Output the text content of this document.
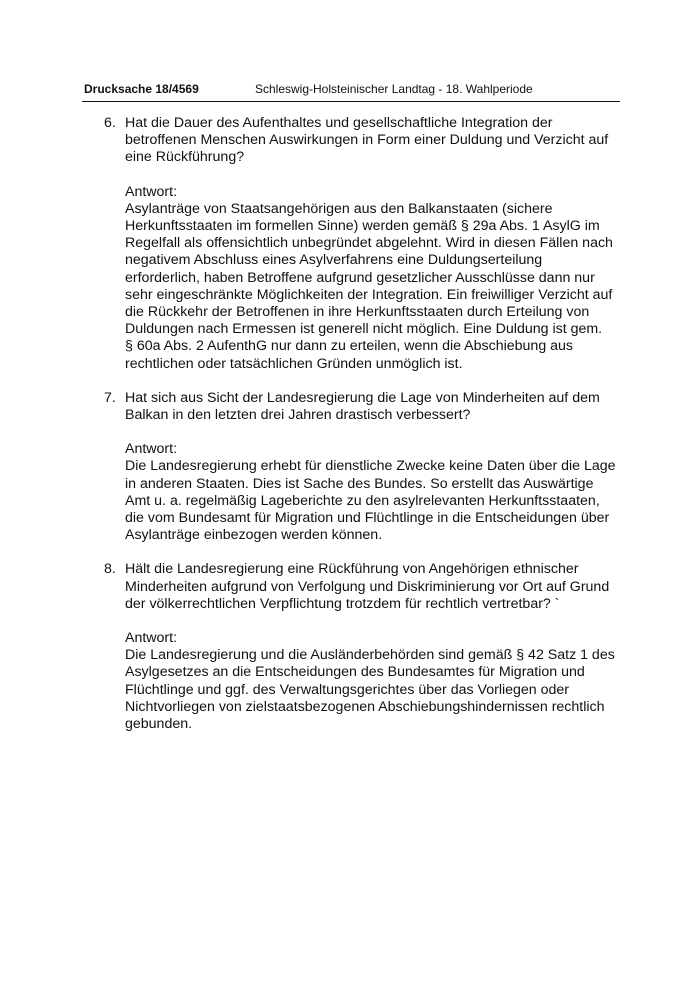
Drucksache 18/4569	Schleswig-Holsteinischer Landtag - 18. Wahlperiode
6. Hat die Dauer des Aufenthaltes und gesellschaftliche Integration der
betroffenen Menschen Auswirkungen in Form einer Duldung und Verzicht auf
eine Rückführung?

Antwort:

Asylanträge von Staatsangehörigen aus den Balkanstaaten (sichere
Herkunftsstaaten im formellen Sinne) werden gemäß § 29a Abs. 1 AsylG im
Regelfall als offensichtlich unbegründet abgelehnt. Wird in diesen Fällen nach
negativem Abschluss eines Asylverfahrens eine Duldungserteilung
erforderlich, haben Betroffene aufgrund gesetzlicher Ausschlüsse dann nur
sehr eingeschränkte Möglichkeiten der Integration. Ein freiwilliger Verzicht auf
die Rückkehr der Betroffenen in ihre Herkunftsstaaten durch Erteilung von
Duldungen nach Ermessen ist generell nicht möglich. Eine Duldung ist gem.
§ 60a Abs. 2 AufenthG nur dann zu erteilen, wenn die Abschiebung aus
rechtlichen oder tatsächlichen Gründen unmöglich ist.

7. Hat sich aus Sicht der Landesregierung die Lage von Minderheiten auf dem
Balkan in den letzten drei Jahren drastisch verbessert?

Antwort:

Die Landesregierung erhebt für dienstliche Zwecke keine Daten über die Lage
in anderen Staaten. Dies ist Sache des Bundes. So erstellt das Auswärtige
Amt u. a. regelmäßig Lageberichte zu den asylrelevanten Herkunftsstaaten,
die vom Bundesamt für Migration und Flüchtlinge in die Entscheidungen über
Asylanträge einbezogen werden können.

8. Hält die Landesregierung eine Rückführung von Angehörigen ethnischer
Minderheiten aufgrund von Verfolgung und Diskriminierung vor Ort auf Grund
der völkerrechtlichen Verpflichtung trotzdem für rechtlich vertretbar? `

Antwort:

Die Landesregierung und die Ausländerbehörden sind gemäß § 42 Satz 1 des
Asylgesetzes an die Entscheidungen des Bundesamtes für Migration und
Flüchtlinge und ggf. des Verwaltungsgerichtes über das Vorliegen oder
Nichtvorliegen von zielstaatsbezogenen Abschiebungshindernissen rechtlich
gebunden.
